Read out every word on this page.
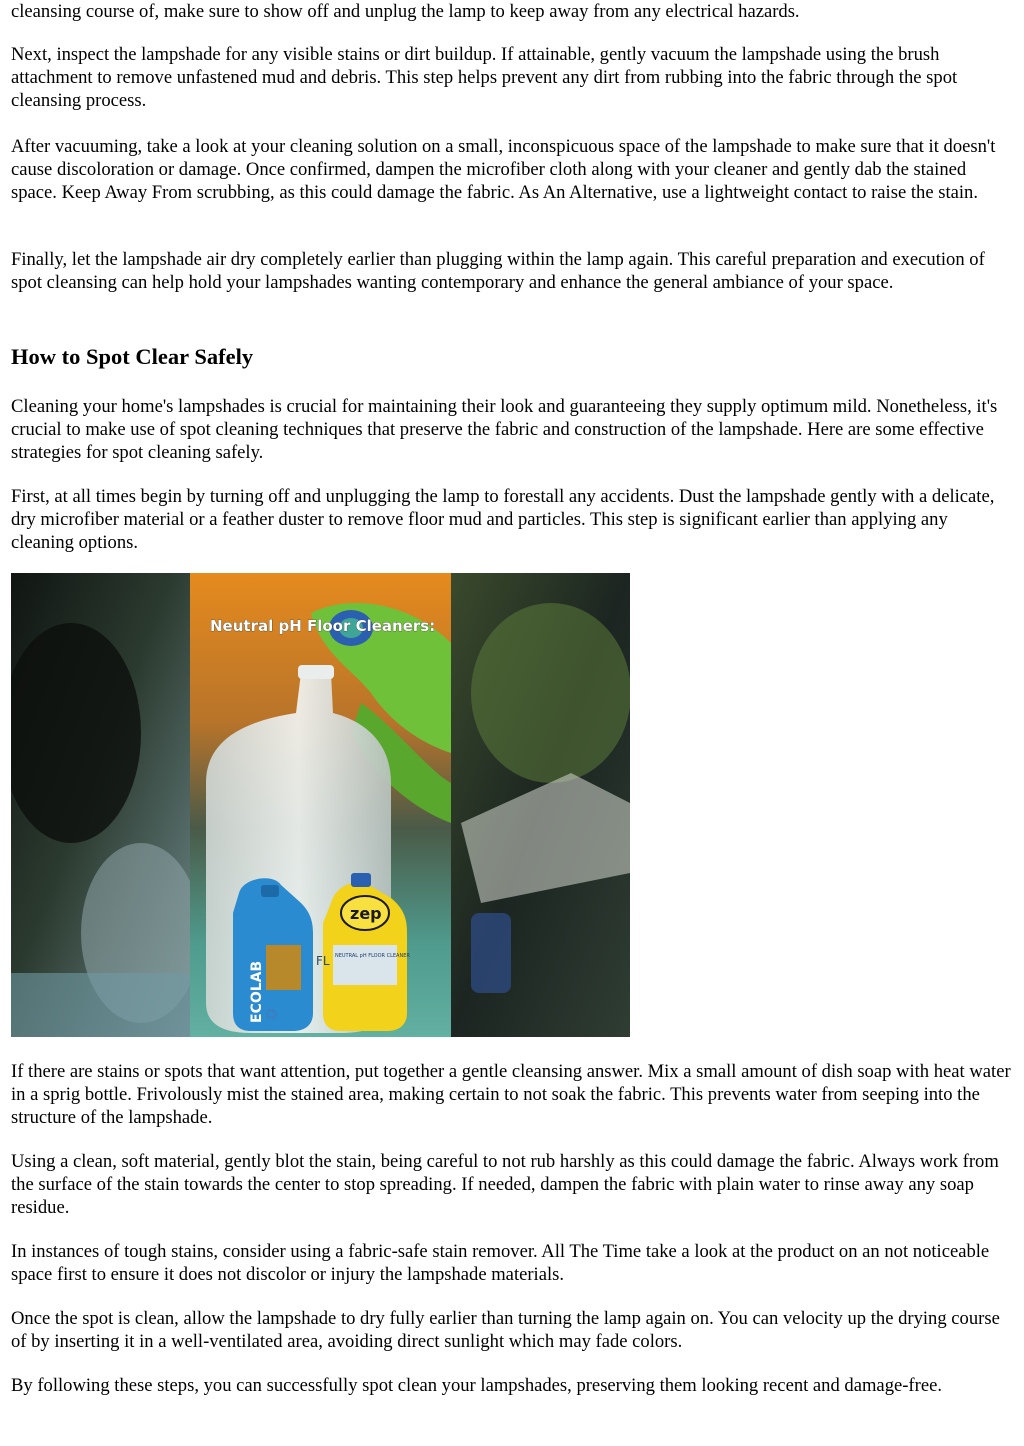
cleansing course of, make sure to show off and unplug the lamp to keep away from any electrical hazards.

Next, inspect the lampshade for any visible stains or dirt buildup. If attainable, gently vacuum the lampshade using the brush attachment to remove unfastened mud and debris. This step helps prevent any dirt from rubbing into the fabric through the spot cleansing process.

After vacuuming, take a look at your cleaning solution on a small, inconspicuous space of the lampshade to make sure that it doesn't cause discoloration or damage. Once confirmed, dampen the microfiber cloth along with your cleaner and gently dab the stained space. Keep Away From scrubbing, as this could damage the fabric. As An Alternative, use a lightweight contact to raise the stain.

Finally, let the lampshade air dry completely earlier than plugging within the lamp again. This careful preparation and execution of spot cleansing can help hold your lampshades wanting contemporary and enhance the general ambiance of your space.

How to Spot Clear Safely

Cleaning your home's lampshades is crucial for maintaining their look and guaranteeing they supply optimum mild. Nonetheless, it's crucial to make use of spot cleaning techniques that preserve the fabric and construction of the lampshade. Here are some effective strategies for spot cleaning safely.

First, at all times begin by turning off and unplugging the lamp to forestall any accidents. Dust the lampshade gently with a delicate, dry microfiber material or a feather duster to remove floor mud and particles. This step is significant earlier than applying any cleaning options.

♻
Neutral pH Floor Cleaners:
ECOLAB
zep
NEUTRAL pH FLOOR CLEANER
FL

If there are stains or spots that want attention, put together a gentle cleansing answer. Mix a small amount of dish soap with heat water in a sprig bottle. Frivolously mist the stained area, making certain to not soak the fabric. This prevents water from seeping into the structure of the lampshade.

Using a clean, soft material, gently blot the stain, being careful to not rub harshly as this could damage the fabric. Always work from the surface of the stain towards the center to stop spreading. If needed, dampen the fabric with plain water to rinse away any soap residue.

In instances of tough stains, consider using a fabric-safe stain remover. All The Time take a look at the product on an not noticeable space first to ensure it does not discolor or injury the lampshade materials.

Once the spot is clean, allow the lampshade to dry fully earlier than turning the lamp again on. You can velocity up the drying course of by inserting it in a well-ventilated area, avoiding direct sunlight which may fade colors.

By following these steps, you can successfully spot clean your lampshades, preserving them looking recent and damage-free.
